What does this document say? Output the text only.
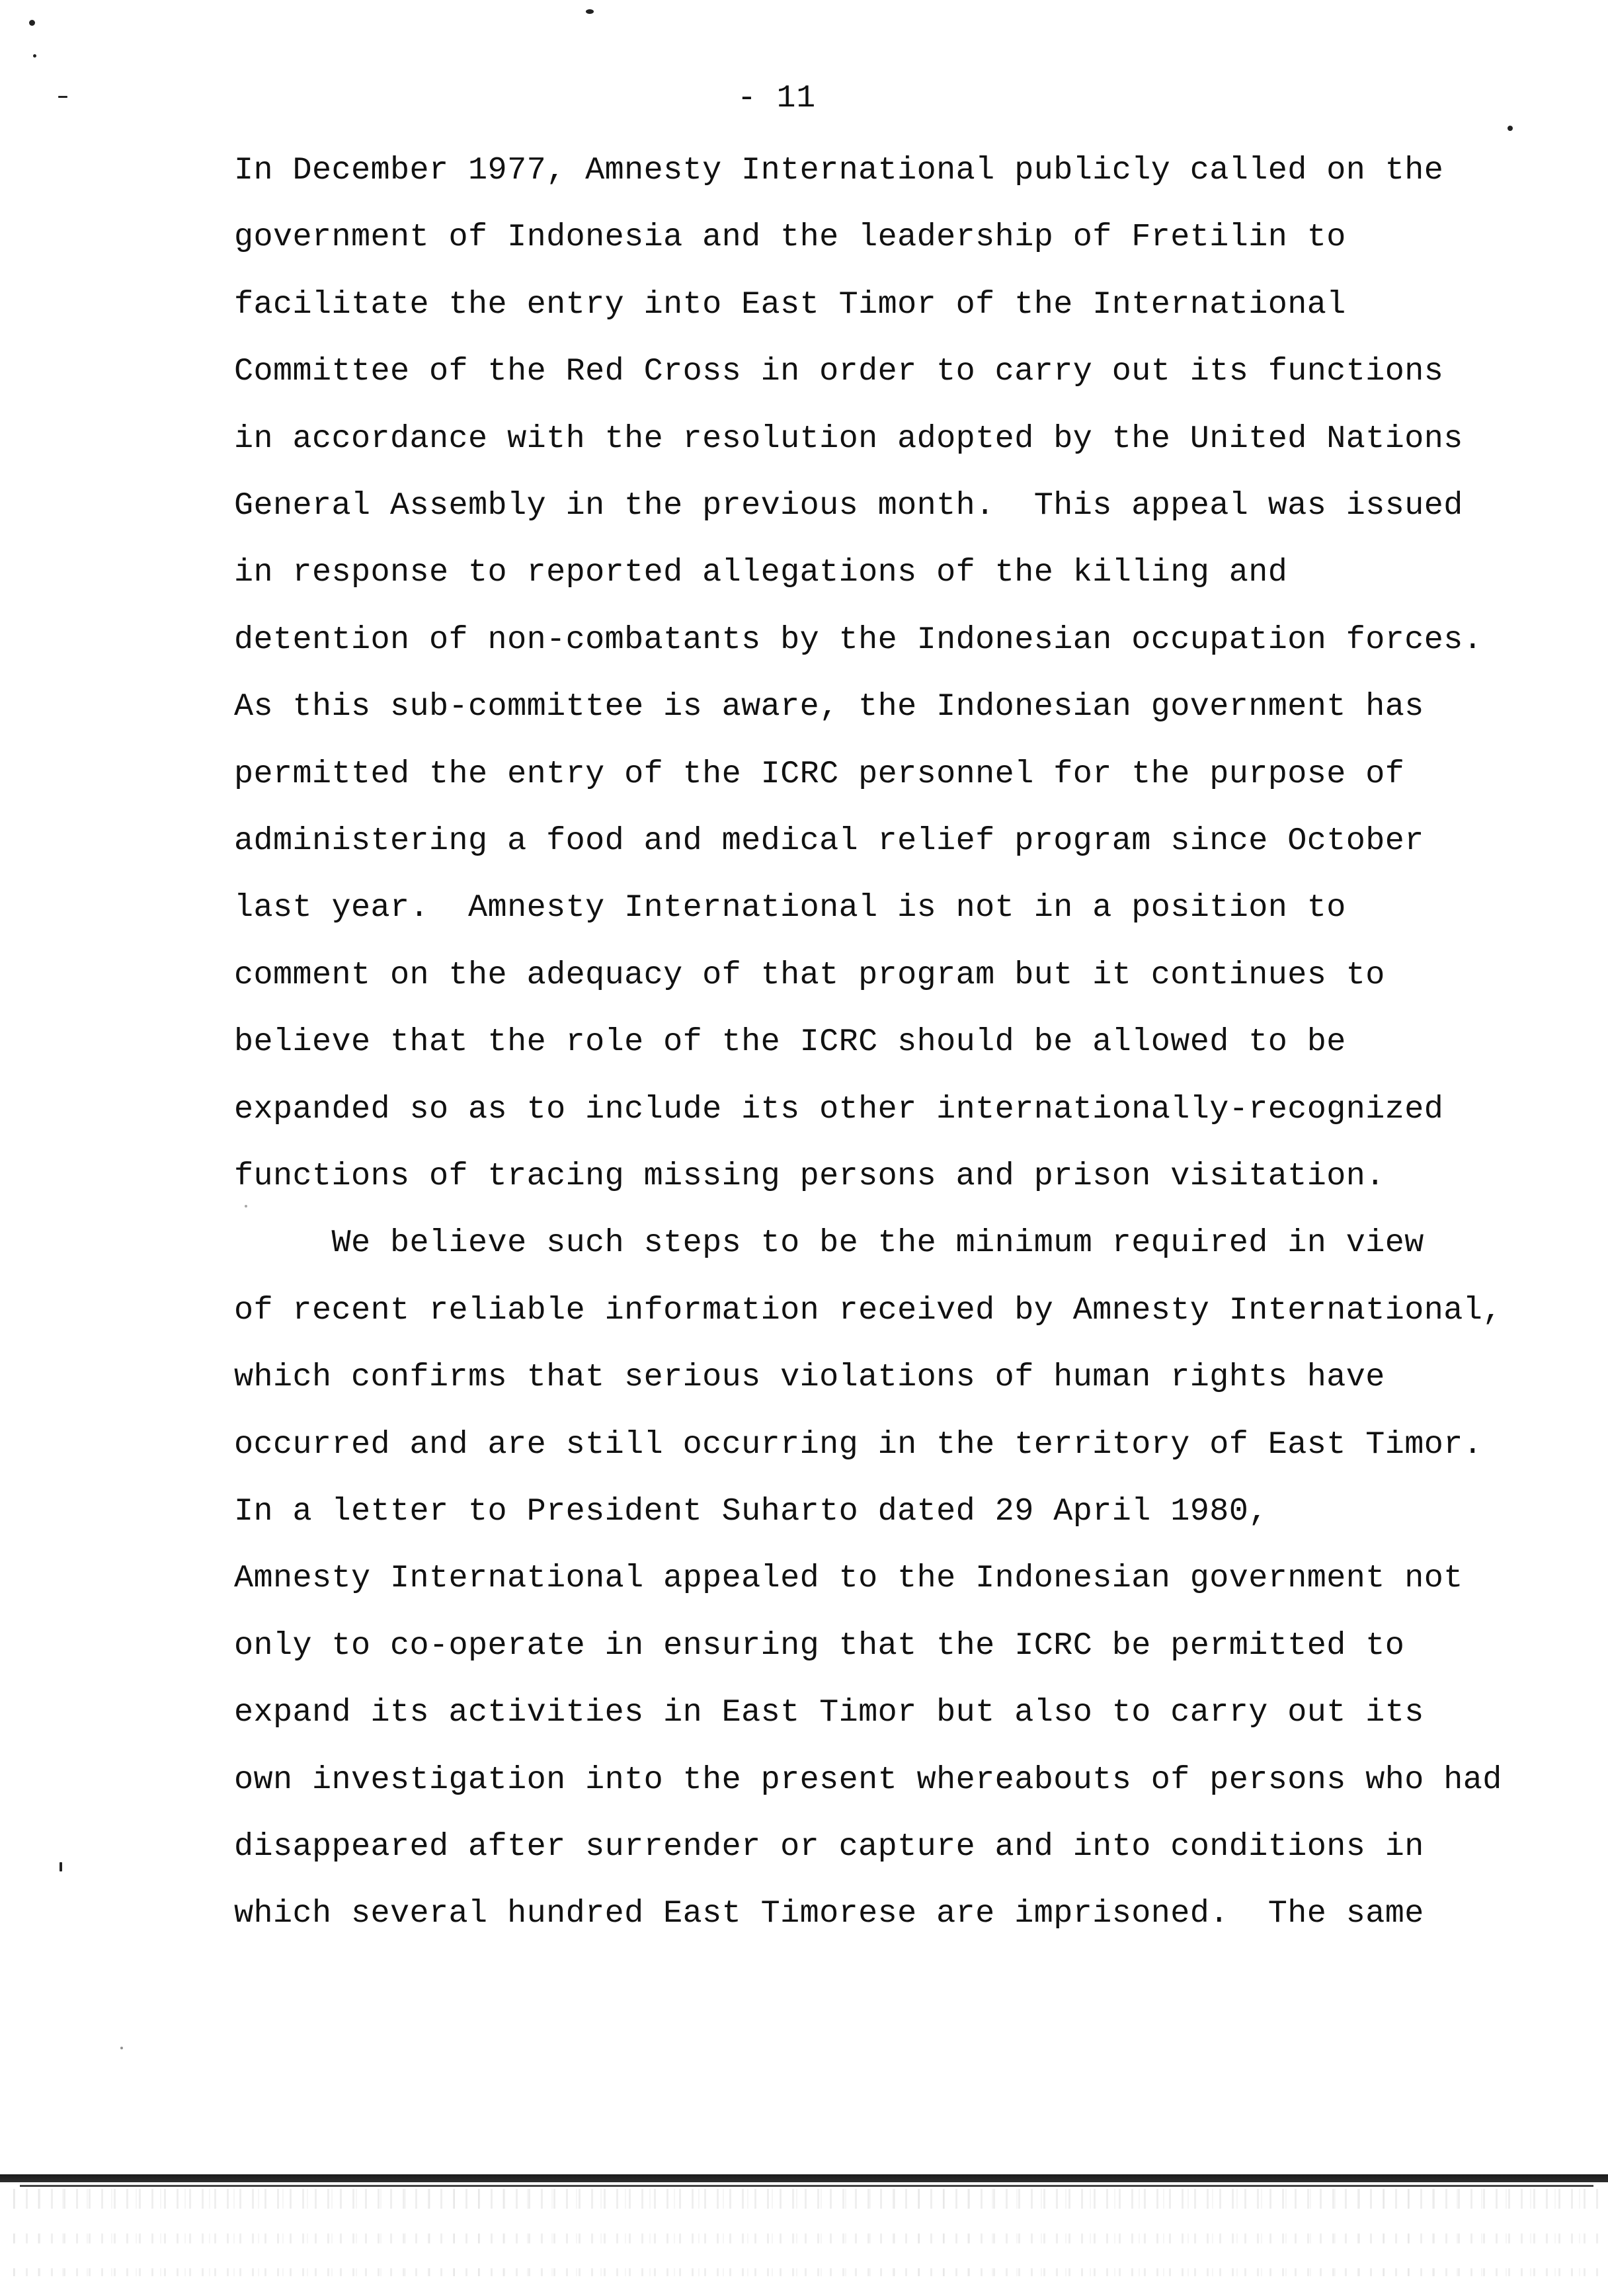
- 11
In December 1977, Amnesty International publicly called on the
government of Indonesia and the leadership of Fretilin to
facilitate the entry into East Timor of the International
Committee of the Red Cross in order to carry out its functions
in accordance with the resolution adopted by the United Nations
General Assembly in the previous month.  This appeal was issued
in response to reported allegations of the killing and
detention of non-combatants by the Indonesian occupation forces.
As this sub-committee is aware, the Indonesian government has
permitted the entry of the ICRC personnel for the purpose of
administering a food and medical relief program since October
last year.  Amnesty International is not in a position to
comment on the adequacy of that program but it continues to
believe that the role of the ICRC should be allowed to be
expanded so as to include its other internationally-recognized
functions of tracing missing persons and prison visitation.
We believe such steps to be the minimum required in view
of recent reliable information received by Amnesty International,
which confirms that serious violations of human rights have
occurred and are still occurring in the territory of East Timor.
In a letter to President Suharto dated 29 April 1980,
Amnesty International appealed to the Indonesian government not
only to co-operate in ensuring that the ICRC be permitted to
expand its activities in East Timor but also to carry out its
own investigation into the present whereabouts of persons who had
disappeared after surrender or capture and into conditions in
which several hundred East Timorese are imprisoned.  The same
